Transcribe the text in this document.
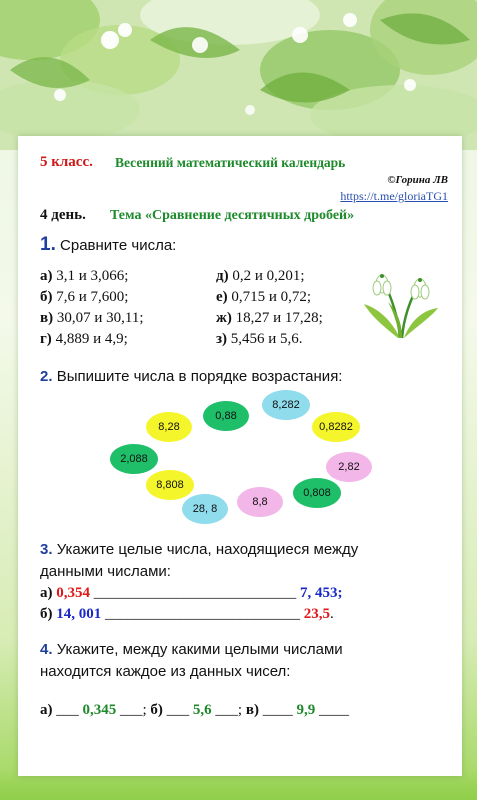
5 класс. Весенний математический календарь
©Горина ЛВ
https://t.me/gloriaTG1
4 день. Тема «Сравнение десятичных дробей»
1. Сравните числа:
а) 3,1 и 3,066;
б) 7,6 и 7,600;
в) 30,07 и 30,11;
г) 4,889 и 4,9;
д) 0,2 и 0,201;
е) 0,715 и 0,72;
ж) 18,27 и 17,28;
з) 5,456 и 5,6.
2. Выпишите числа в порядке возрастания:
8,28
0,88
8,282
0,8282
2,088
2,82
8,808
0,808
28, 8
8,8
3. Укажите целые числа, находящиеся между
данными числами:
а) 0,354 ___________________________ 7, 453;
б) 14, 001 __________________________ 23,5.
4. Укажите, между какими целыми числами
находится каждое из данных чисел:
а) ___ 0,345 ___; б) ___ 5,6 ___; в) ____ 9,9 ____
